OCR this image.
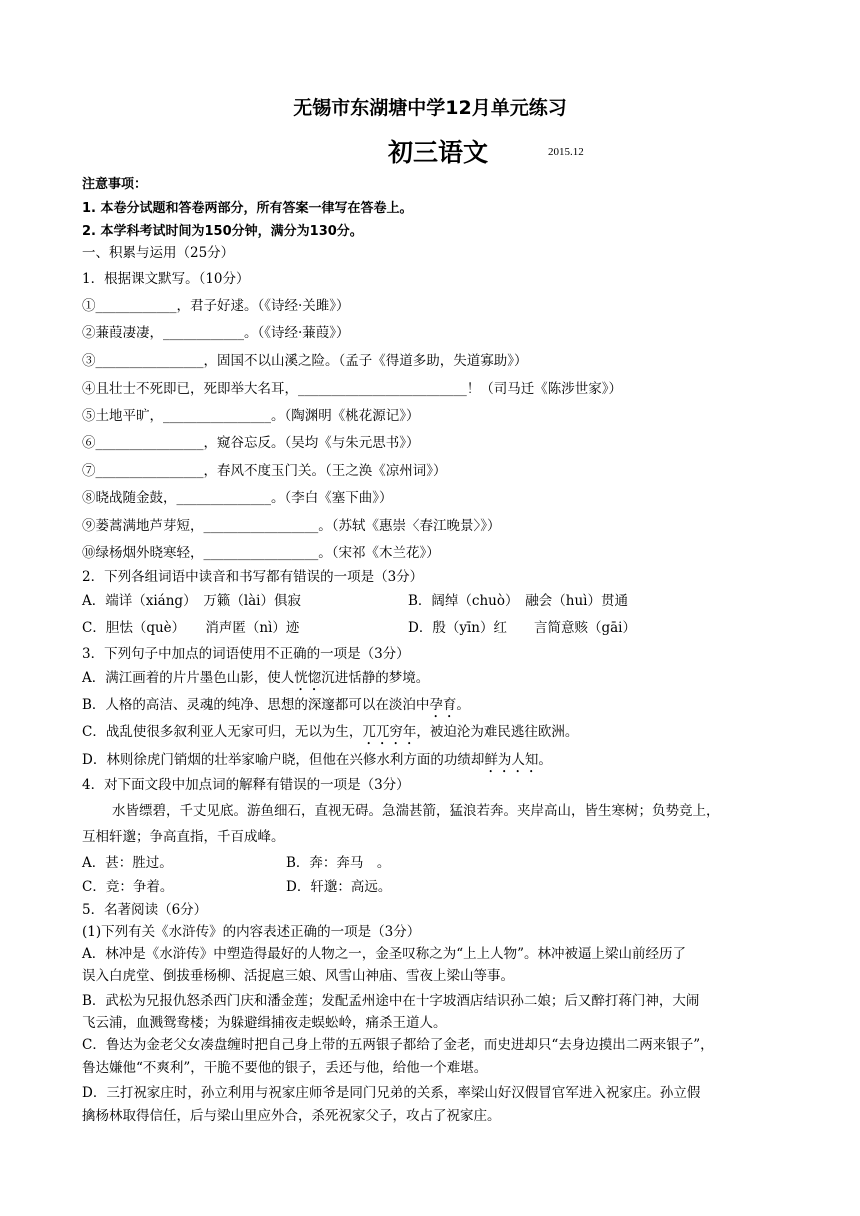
无锡市东湖塘中学12月单元练习
初三语文	2015.12
注意事项：
1. 本卷分试题和答卷两部分，所有答案一律写在答卷上。
2. 本学科考试时间为150分钟，满分为130分。
一、积累与运用（25分）
1．根据课文默写。（10分）
①____________，君子好逑。（《诗经·关雎》）
②蒹葭凄凄，____________。（《诗经·蒹葭》）
③________________，固国不以山溪之险。（孟子《得道多助，失道寡助》）
④且壮士不死即已，死即举大名耳，_________________________！（司马迁《陈涉世家》）
⑤土地平旷，________________。（陶渊明《桃花源记》）
⑥________________，窥谷忘反。（吴均《与朱元思书》）
⑦________________，春风不度玉门关。（王之涣《凉州词》）
⑧晓战随金鼓，______________。（李白《塞下曲》）
⑨蒌蒿满地芦芽短，_________________。（苏轼《惠崇〈春江晚景〉》）
⑩绿杨烟外晓寒轻，_________________。（宋祁《木兰花》）
2．下列各组词语中读音和书写都有错误的一项是（3分）
A．端详（xiáng）　万籁（lài）俱寂	B．阔绰（chuò）　融会（huì）贯通
C．胆怯（què）　　消声匿（nì）迹	D．殷（yīn）红　　言简意赅（gāi）
3．下列句子中加点的词语使用不正确的一项是（3分）
A．满江画着的片片墨色山影，使人恍惚沉进恬静的梦境。
B．人格的高洁、灵魂的纯净、思想的深邃都可以在淡泊中孕育。
C．战乱使很多叙利亚人无家可归，无以为生，兀兀穷年，被迫沦为难民逃往欧洲。
D．林则徐虎门销烟的壮举家喻户晓，但他在兴修水利方面的功绩却鲜为人知。
4．对下面文段中加点词的解释有错误的一项是（3分）
水皆缥碧，千丈见底。游鱼细石，直视无碍。急湍甚箭，猛浪若奔。夹岸高山，皆生寒树；负势竞上，
互相轩邈；争高直指，千百成峰。
A．甚：胜过。	B．奔：奔马　。
C．竞：争着。	D．轩邈：高远。
5．名著阅读（6分）
(1)下列有关《水浒传》的内容表述正确的一项是（3分）
A．林冲是《水浒传》中塑造得最好的人物之一，金圣叹称之为“上上人物”。林冲被逼上梁山前经历了
误入白虎堂、倒拔垂杨柳、活捉扈三娘、风雪山神庙、雪夜上梁山等事。
B．武松为兄报仇怒杀西门庆和潘金莲；发配孟州途中在十字坡酒店结识孙二娘；后又醉打蒋门神，大闹
飞云浦，血溅鸳鸯楼；为躲避缉捕夜走蜈蚣岭，痛杀王道人。
C．鲁达为金老父女凑盘缠时把自己身上带的五两银子都给了金老，而史进却只“去身边摸出二两来银子”，
鲁达嫌他“不爽利”，干脆不要他的银子，丢还与他，给他一个难堪。
D．三打祝家庄时，孙立利用与祝家庄师爷是同门兄弟的关系，率梁山好汉假冒官军进入祝家庄。孙立假
擒杨林取得信任，后与梁山里应外合，杀死祝家父子，攻占了祝家庄。
